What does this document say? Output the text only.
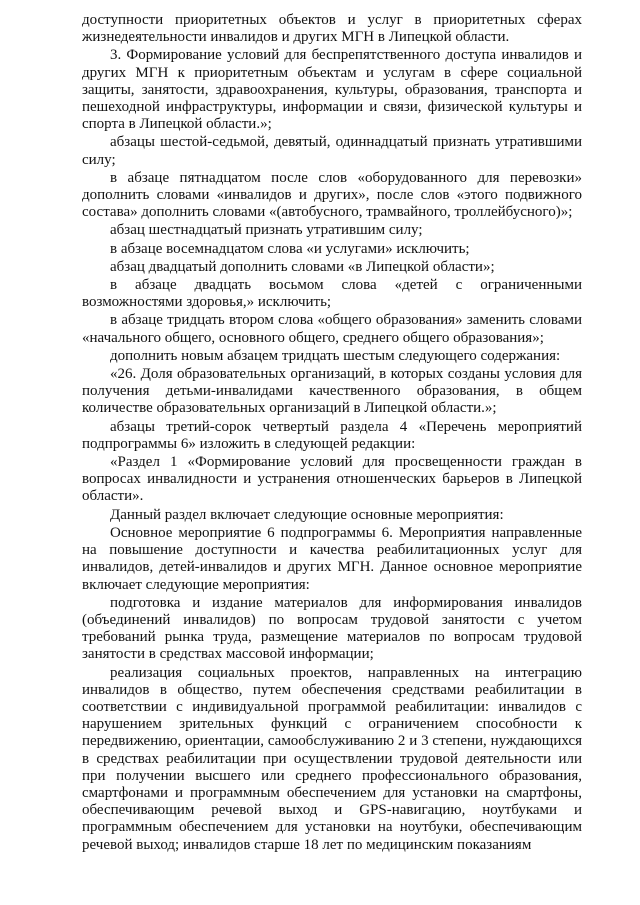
доступности приоритетных объектов и услуг в приоритетных сферах жизнедеятельности инвалидов и других МГН в Липецкой области.

3. Формирование условий для беспрепятственного доступа инвалидов и других МГН к приоритетным объектам и услугам в сфере социальной защиты, занятости, здравоохранения, культуры, образования, транспорта и пешеходной инфраструктуры, информации и связи, физической культуры и спорта в Липецкой области.»;

абзацы шестой-седьмой, девятый, одиннадцатый признать утратившими силу;

в абзаце пятнадцатом после слов «оборудованного для перевозки» дополнить словами «инвалидов и других», после слов «этого подвижного состава» дополнить словами «(автобусного, трамвайного, троллейбусного)»;

абзац шестнадцатый признать утратившим силу;

в абзаце восемнадцатом слова «и услугами» исключить;

абзац двадцатый дополнить словами «в Липецкой области»;

в абзаце двадцать восьмом слова «детей с ограниченными возможностями здоровья,» исключить;

в абзаце тридцать втором слова «общего образования» заменить словами «начального общего, основного общего, среднего общего образования»;

дополнить новым абзацем тридцать шестым следующего содержания:

«26. Доля образовательных организаций, в которых созданы условия для получения детьми-инвалидами качественного образования, в общем количестве образовательных организаций в Липецкой области.»;

абзацы третий-сорок четвертый раздела 4 «Перечень мероприятий подпрограммы 6» изложить в следующей редакции:

«Раздел 1 «Формирование условий для просвещенности граждан в вопросах инвалидности и устранения отношенческих барьеров в Липецкой области».

Данный раздел включает следующие основные мероприятия:

Основное мероприятие 6 подпрограммы 6. Мероприятия направленные на повышение доступности и качества реабилитационных услуг для инвалидов, детей-инвалидов и других МГН. Данное основное мероприятие включает следующие мероприятия:

подготовка и издание материалов для информирования инвалидов (объединений инвалидов) по вопросам трудовой занятости с учетом требований рынка труда, размещение материалов по вопросам трудовой занятости в средствах массовой информации;

реализация социальных проектов, направленных на интеграцию инвалидов в общество, путем обеспечения средствами реабилитации в соответствии с индивидуальной программой реабилитации: инвалидов с нарушением зрительных функций с ограничением способности к передвижению, ориентации, самообслуживанию 2 и 3 степени, нуждающихся в средствах реабилитации при осуществлении трудовой деятельности или при получении высшего или среднего профессионального образования, смартфонами и программным обеспечением для установки на смартфоны, обеспечивающим речевой выход и GPS-навигацию, ноутбуками и программным обеспечением для установки на ноутбуки, обеспечивающим речевой выход; инвалидов старше 18 лет по медицинским показаниям
